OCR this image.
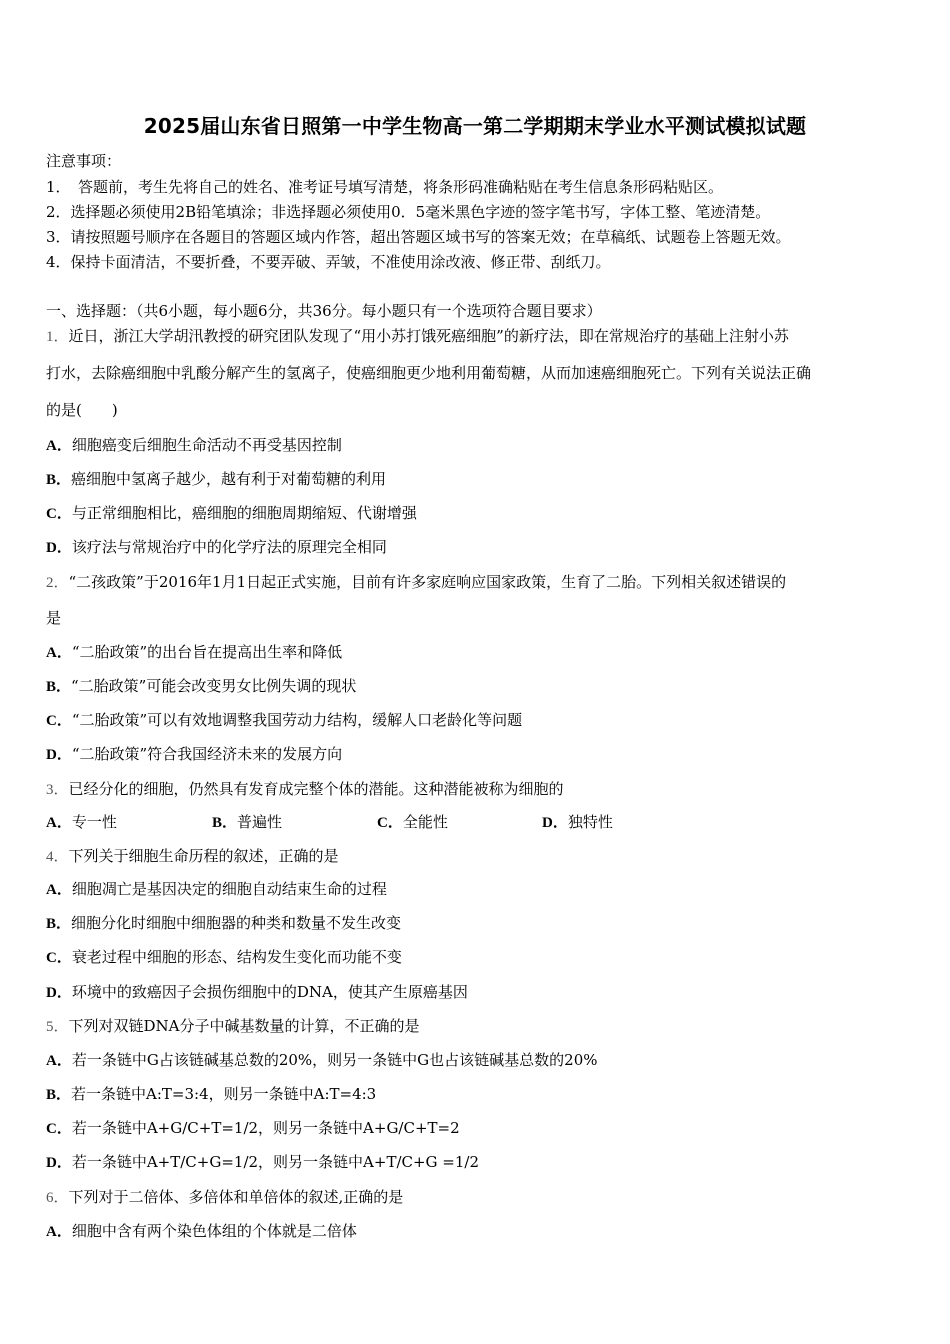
2025届山东省日照第一中学生物高一第二学期期末学业水平测试模拟试题
注意事项：
1．　答题前，考生先将自己的姓名、准考证号填写清楚，将条形码准确粘贴在考生信息条形码粘贴区。
2．选择题必须使用2B铅笔填涂；非选择题必须使用0．5毫米黑色字迹的签字笔书写，字体工整、笔迹清楚。
3．请按照题号顺序在各题目的答题区域内作答，超出答题区域书写的答案无效；在草稿纸、试题卷上答题无效。
4．保持卡面清洁，不要折叠，不要弄破、弄皱，不准使用涂改液、修正带、刮纸刀。
一、选择题：（共6小题，每小题6分，共36分。每小题只有一个选项符合题目要求）
1．近日，浙江大学胡汛教授的研究团队发现了“用小苏打饿死癌细胞”的新疗法，即在常规治疗的基础上注射小苏
打水，去除癌细胞中乳酸分解产生的氢离子，使癌细胞更少地利用葡萄糖，从而加速癌细胞死亡。下列有关说法正确
的是(　　)
A．细胞癌变后细胞生命活动不再受基因控制
B．癌细胞中氢离子越少，越有利于对葡萄糖的利用
C．与正常细胞相比，癌细胞的细胞周期缩短、代谢增强
D．该疗法与常规治疗中的化学疗法的原理完全相同
2．“二孩政策”于2016年1月1日起正式实施，目前有许多家庭响应国家政策，生育了二胎。下列相关叙述错误的
是
A．“二胎政策”的出台旨在提高出生率和降低
B．“二胎政策”可能会改变男女比例失调的现状
C．“二胎政策”可以有效地调整我国劳动力结构，缓解人口老龄化等问题
D．“二胎政策”符合我国经济未来的发展方向
3．已经分化的细胞，仍然具有发育成完整个体的潜能。这种潜能被称为细胞的
A．专一性	B．普遍性	C．全能性	D．独特性
4．下列关于细胞生命历程的叙述，正确的是
A．细胞凋亡是基因决定的细胞自动结束生命的过程
B．细胞分化时细胞中细胞器的种类和数量不发生改变
C．衰老过程中细胞的形态、结构发生变化而功能不变
D．环境中的致癌因子会损伤细胞中的DNA，使其产生原癌基因
5．下列对双链DNA分子中碱基数量的计算，不正确的是
A．若一条链中G占该链碱基总数的20%，则另一条链中G也占该链碱基总数的20%
B．若一条链中A:T=3:4，则另一条链中A:T=4:3
C．若一条链中A+G/C+T=1/2，则另一条链中A+G/C+T=2
D．若一条链中A+T/C+G=1/2，则另一条链中A+T/C+G =1/2
6．下列对于二倍体、多倍体和单倍体的叙述,正确的是
A．细胞中含有两个染色体组的个体就是二倍体
